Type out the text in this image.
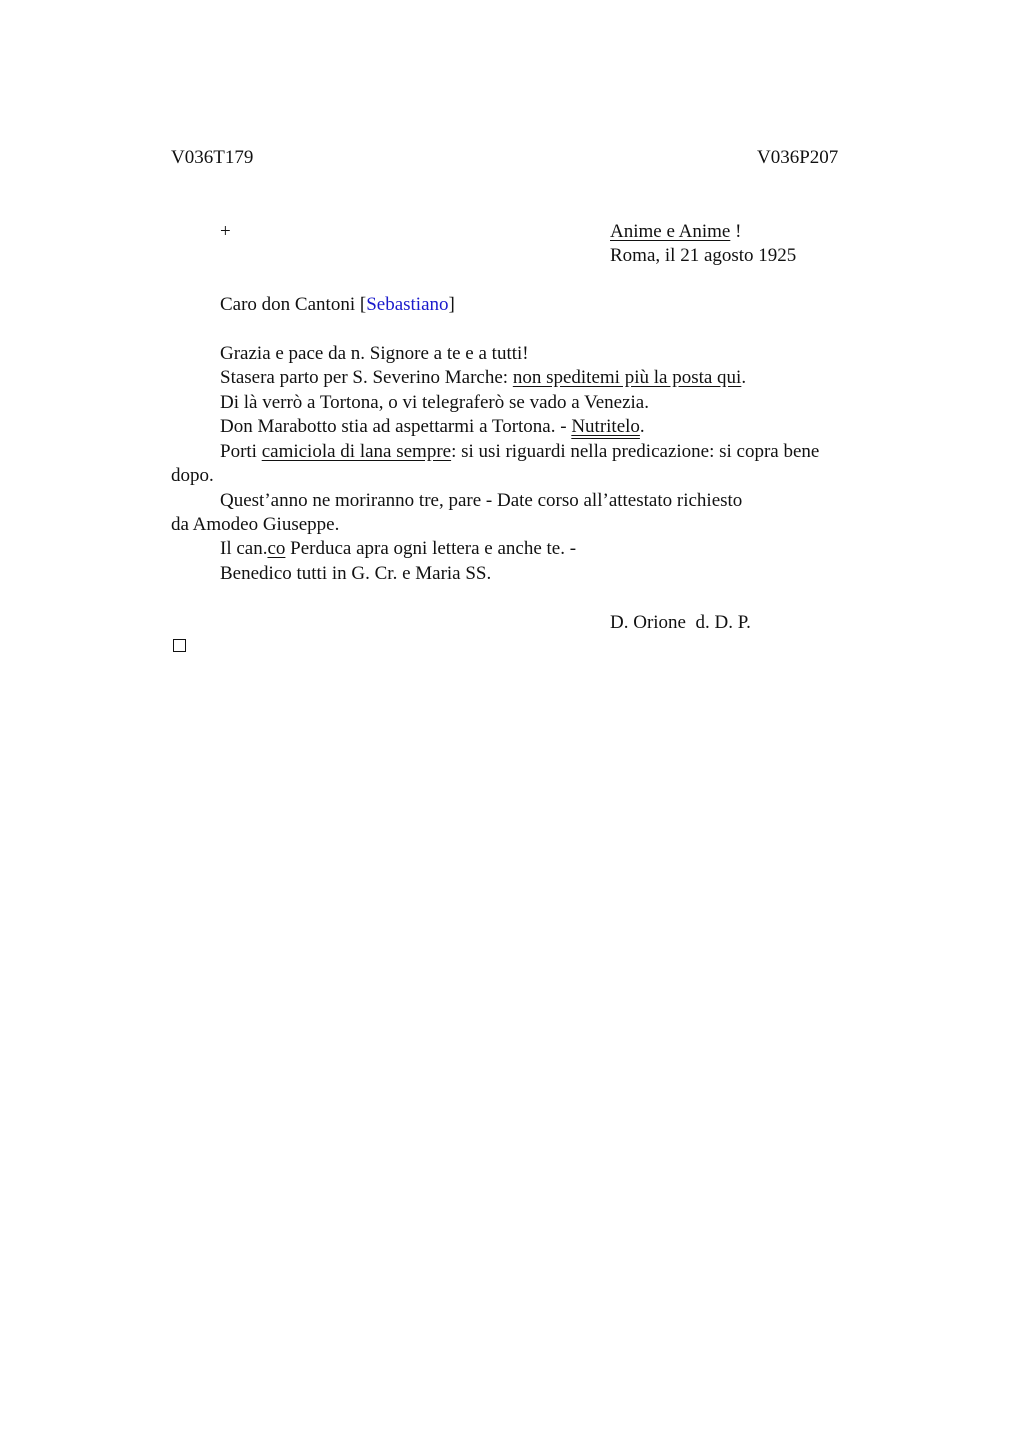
V036T179	V036P207
+	Anime e Anime !
Roma, il 21 agosto 1925
Caro don Cantoni [Sebastiano]
Grazia e pace da n. Signore a te e a tutti!
Stasera parto per S. Severino Marche: non speditemi più la posta qui.
Di là verrò a Tortona, o vi telegraferò se vado a Venezia.
Don Marabotto stia ad aspettarmi a Tortona. - Nutritelo.
Porti camiciola di lana sempre: si usi riguardi nella predicazione: si copra bene
dopo.
Quest’anno ne moriranno tre, pare - Date corso all’attestato richiesto
da Amodeo Giuseppe.
Il can.co Perduca apra ogni lettera e anche te. -
Benedico tutti in G. Cr. e Maria SS.
D. Orione  d. D. P.
